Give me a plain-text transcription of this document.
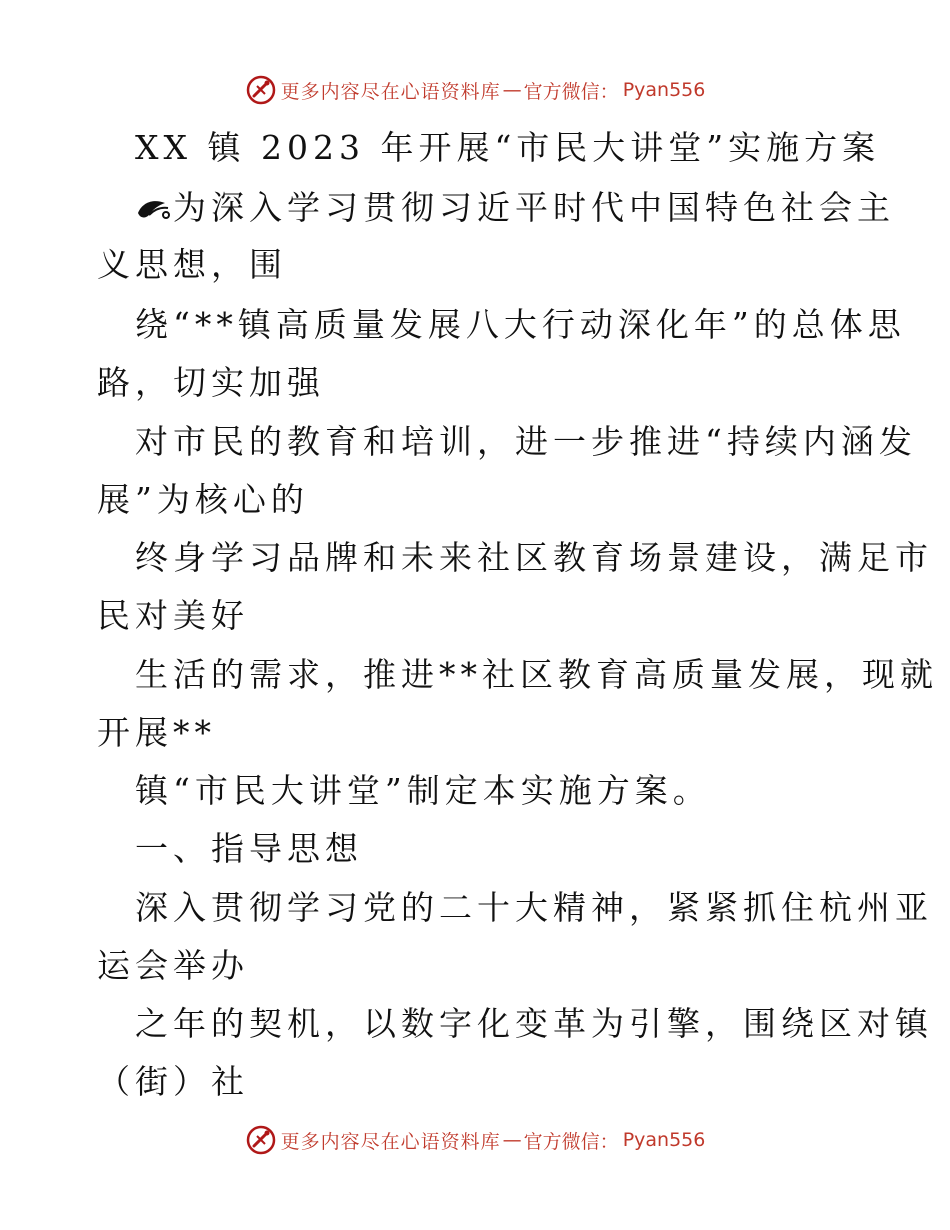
更多内容尽在心语资料库 — 官方微信： Pyan556
XX 镇 2023 年开展“市民大讲堂”实施方案
为深入学习贯彻习近平时代中国特色社会主
义思想，围
绕“**镇高质量发展八大行动深化年”的总体思
路，切实加强
对市民的教育和培训，进一步推进“持续内涵发
展”为核心的
终身学习品牌和未来社区教育场景建设，满足市
民对美好
生活的需求，推进**社区教育高质量发展，现就
开展**
镇“市民大讲堂”制定本实施方案。
一、指导思想
深入贯彻学习党的二十大精神，紧紧抓住杭州亚
运会举办
之年的契机，以数字化变革为引擎，围绕区对镇
（街）社
更多内容尽在心语资料库 — 官方微信： Pyan556
